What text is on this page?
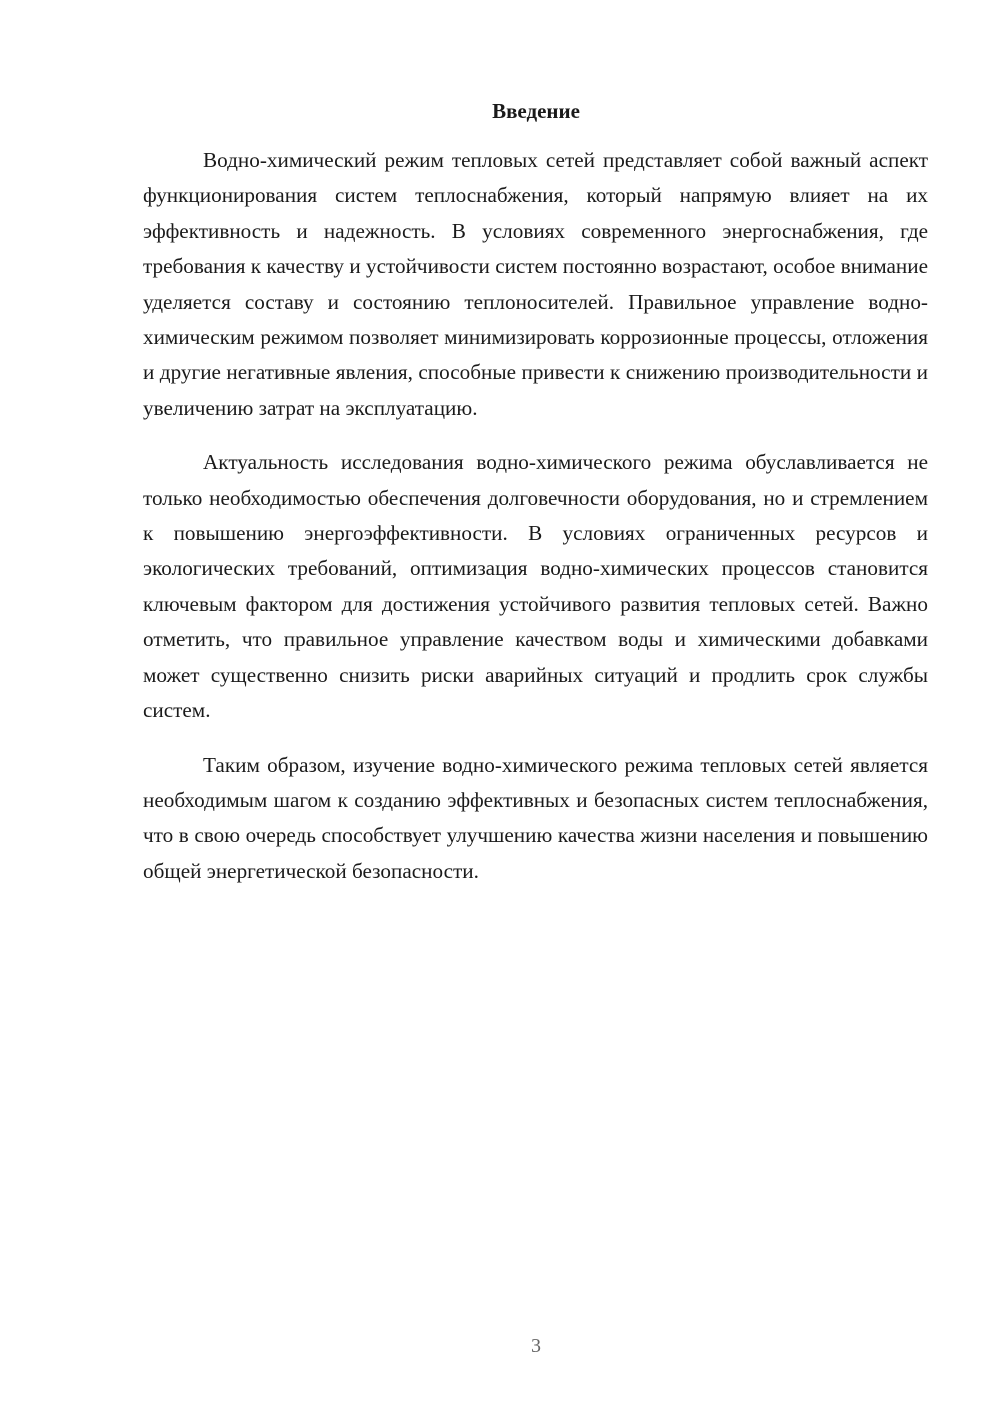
Введение

Водно-химический режим тепловых сетей представляет собой важный аспект функционирования систем теплоснабжения, который напрямую влияет на их эффективность и надежность. В условиях современного энергоснабжения, где требования к качеству и устойчивости систем постоянно возрастают, особое внимание уделяется составу и состоянию теплоносителей. Правильное управление водно-химическим режимом позволяет минимизировать коррозионные процессы, отложения и другие негативные явления, способные привести к снижению производительности и увеличению затрат на эксплуатацию.

Актуальность исследования водно-химического режима обуславливается не только необходимостью обеспечения долговечности оборудования, но и стремлением к повышению энергоэффективности. В условиях ограниченных ресурсов и экологических требований, оптимизация водно-химических процессов становится ключевым фактором для достижения устойчивого развития тепловых сетей. Важно отметить, что правильное управление качеством воды и химическими добавками может существенно снизить риски аварийных ситуаций и продлить срок службы систем.

Таким образом, изучение водно-химического режима тепловых сетей является необходимым шагом к созданию эффективных и безопасных систем теплоснабжения, что в свою очередь способствует улучшению качества жизни населения и повышению общей энергетической безопасности.

3
